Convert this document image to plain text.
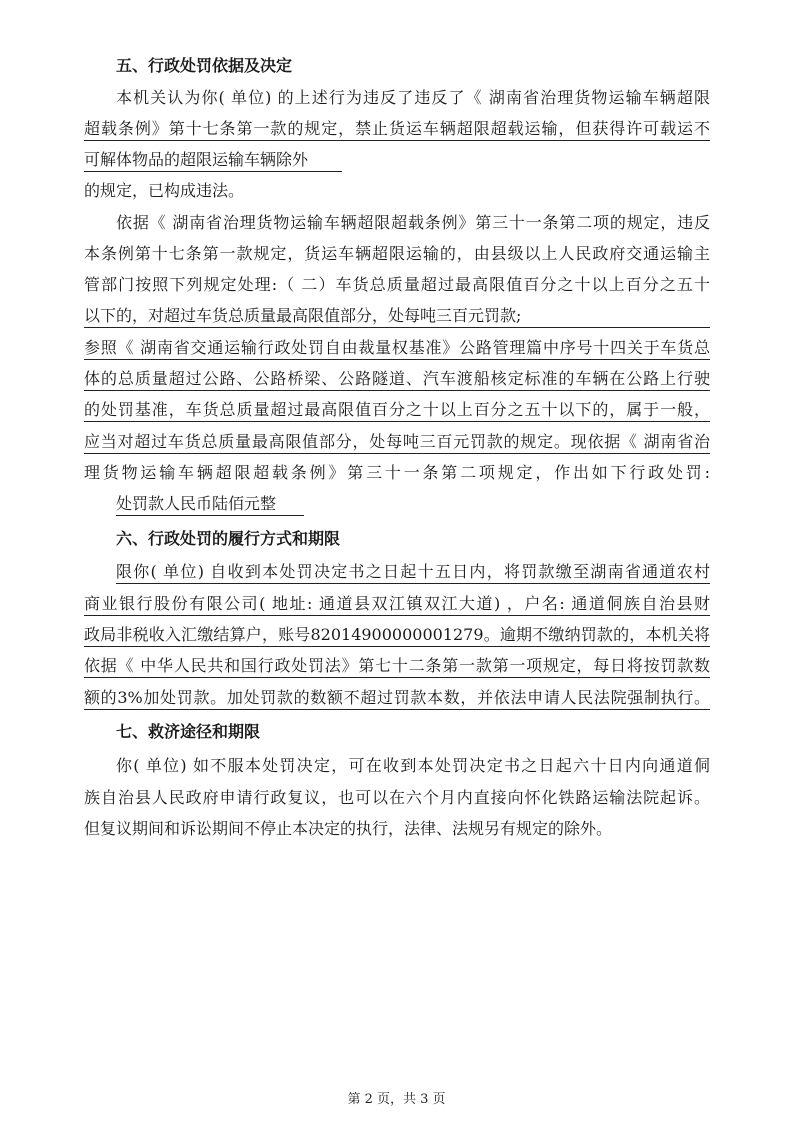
五、行政处罚依据及决定
本机关认为你( 单位) 的上述行为违反了违反了《 湖南省治理货物运输车辆超限
超载条例》第十七条第一款的规定，禁止货运车辆超限超载运输，但获得许可载运不
可解体物品的超限运输车辆除外
的规定，已构成违法。
依据《 湖南省治理货物运输车辆超限超载条例》第三十一条第二项的规定，违反
本条例第十七条第一款规定，货运车辆超限运输的，由县级以上人民政府交通运输主
管部门按照下列规定处理:（ 二）车货总质量超过最高限值百分之十以上百分之五十
以下的，对超过车货总质量最高限值部分，处每吨三百元罚款;
参照《 湖南省交通运输行政处罚自由裁量权基准》公路管理篇中序号十四关于车货总
体的总质量超过公路、公路桥梁、公路隧道、汽车渡船核定标准的车辆在公路上行驶
的处罚基准，车货总质量超过最高限值百分之十以上百分之五十以下的，属于一般，
应当对超过车货总质量最高限值部分，处每吨三百元罚款的规定。现依据《 湖南省治
理货物运输车辆超限超载条例》第三十一条第二项规定，作出如下行政处罚:
处罚款人民币陆佰元整
六、行政处罚的履行方式和期限
限你( 单位) 自收到本处罚决定书之日起十五日内，将罚款缴至湖南省通道农村
商业银行股份有限公司( 地址: 通道县双江镇双江大道) ，户名: 通道侗族自治县财
政局非税收入汇缴结算户，账号82014900000001279。逾期不缴纳罚款的，本机关将
依据《 中华人民共和国行政处罚法》第七十二条第一款第一项规定，每日将按罚款数
额的3%加处罚款。加处罚款的数额不超过罚款本数，并依法申请人民法院强制执行。
七、救济途径和期限
你( 单位) 如不服本处罚决定，可在收到本处罚决定书之日起六十日内向通道侗
族自治县人民政府申请行政复议，也可以在六个月内直接向怀化铁路运输法院起诉。
但复议期间和诉讼期间不停止本决定的执行，法律、法规另有规定的除外。
第 2 页，共 3 页
